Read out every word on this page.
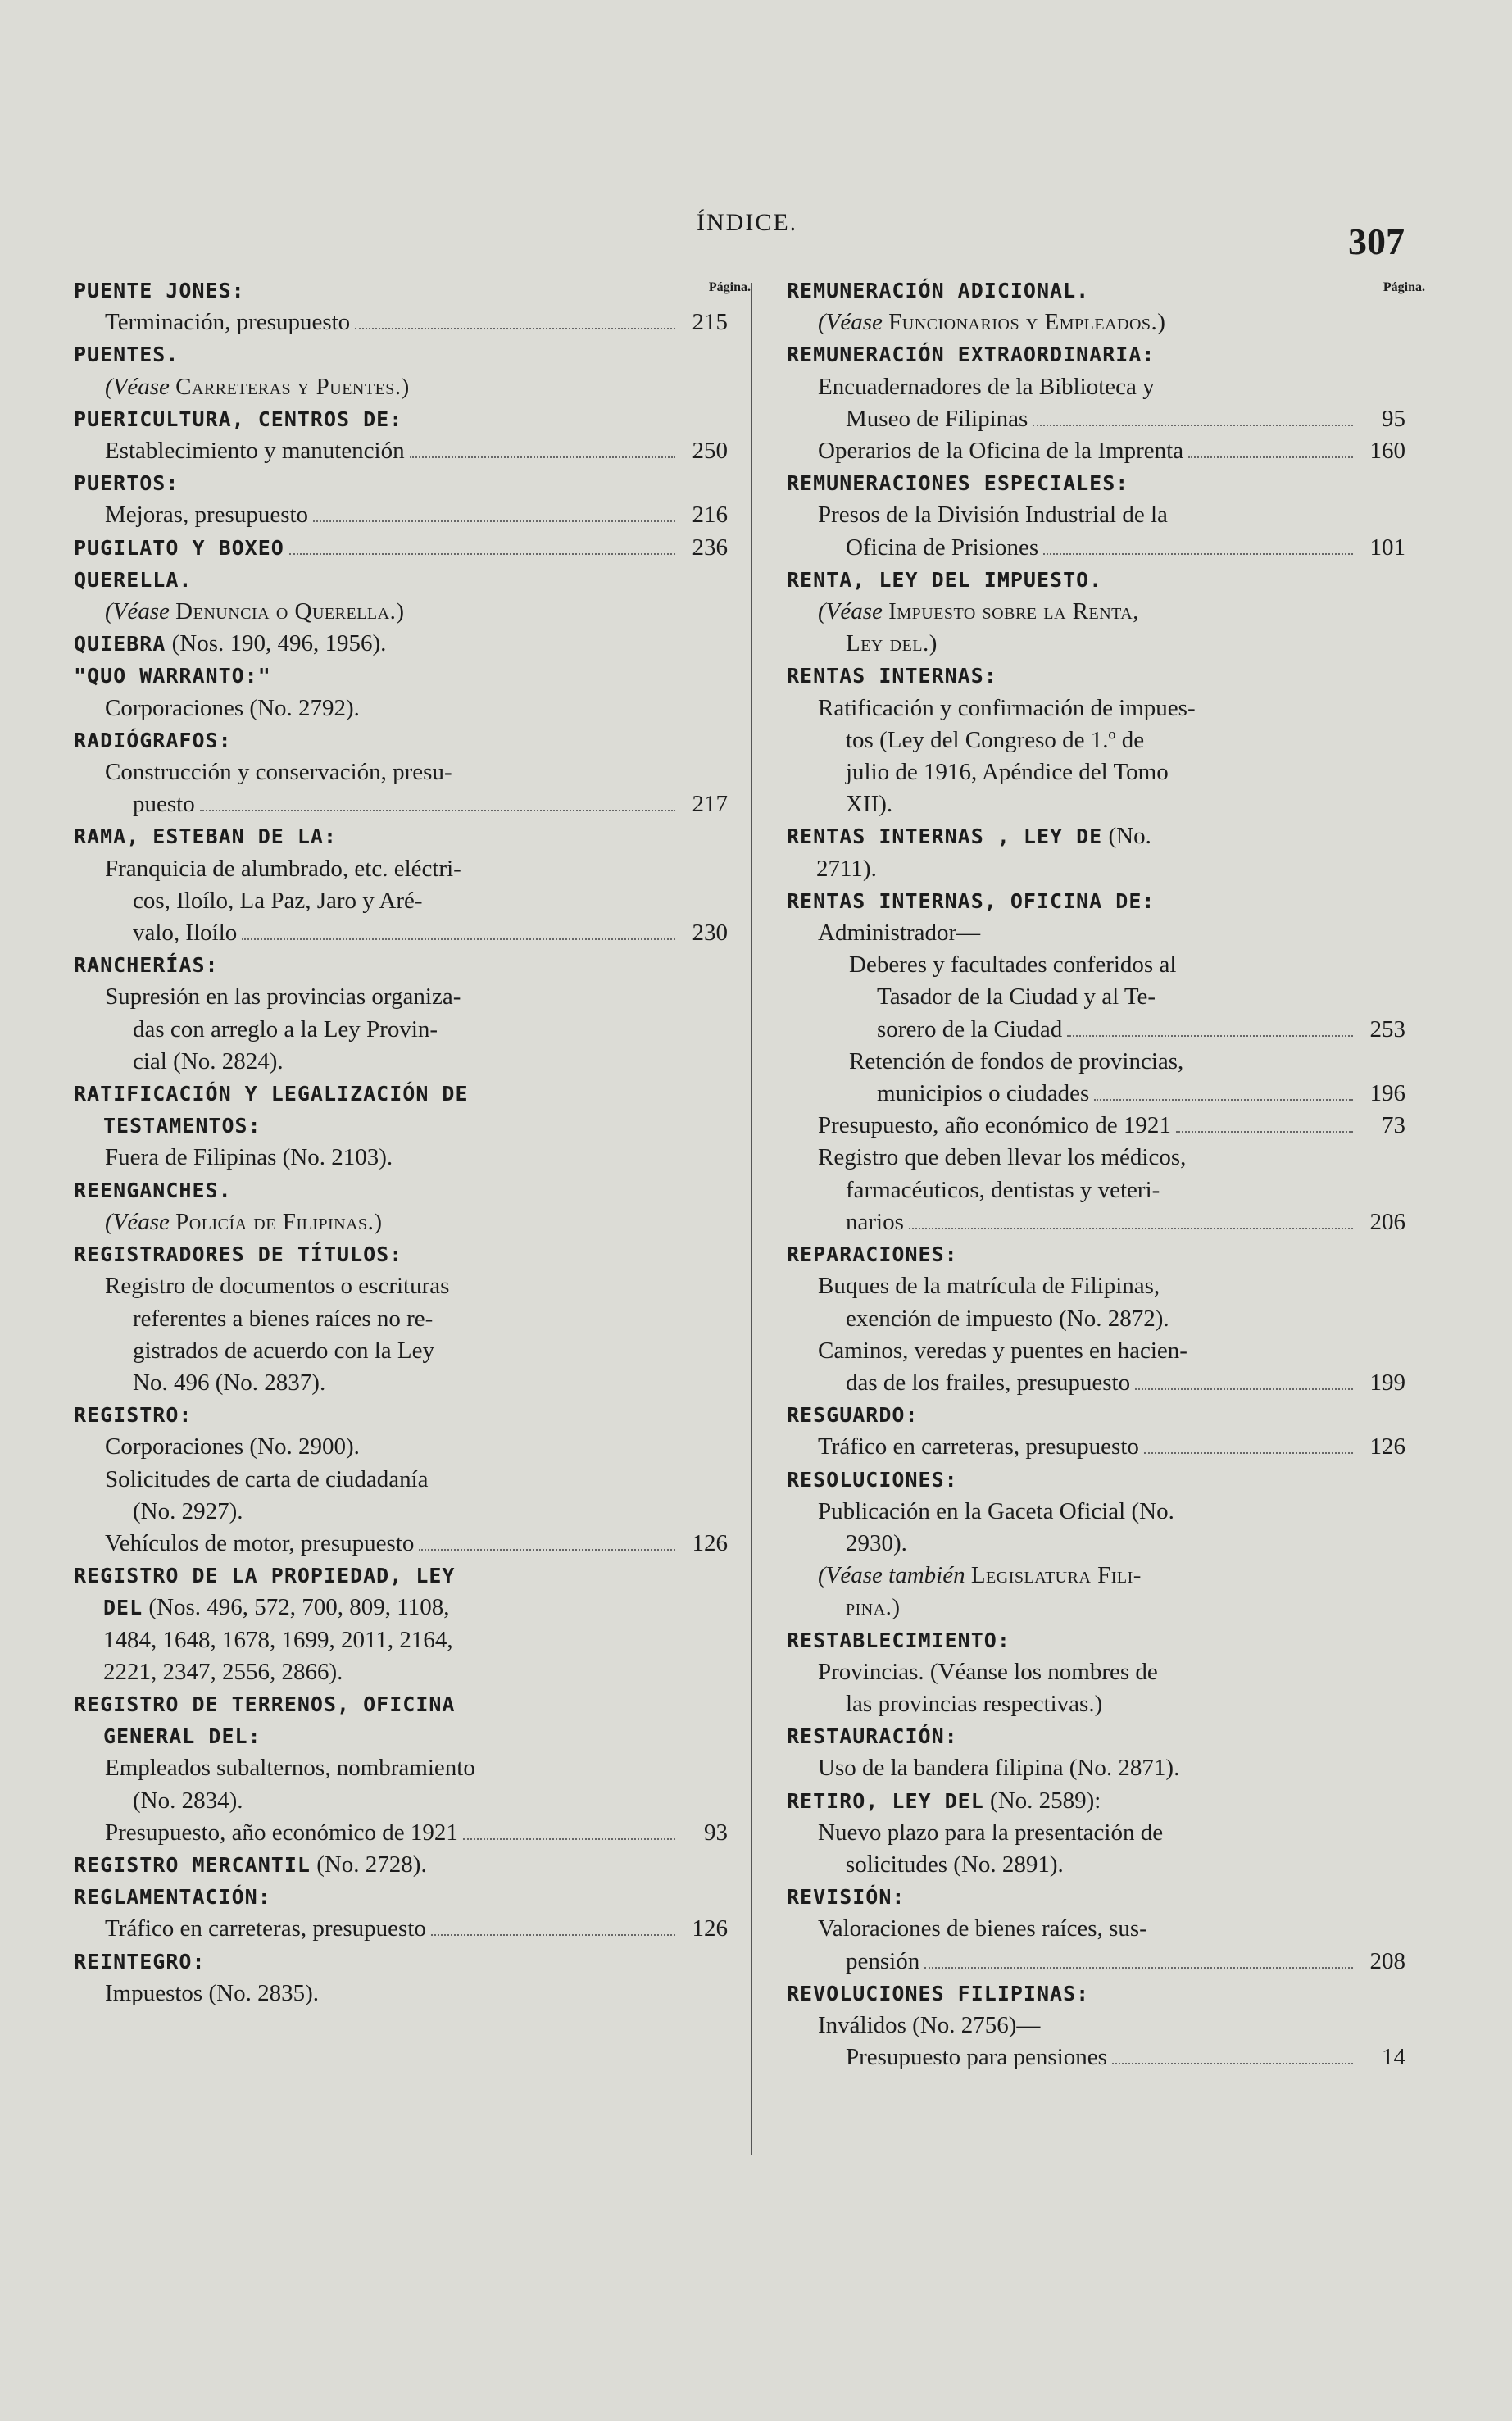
ÍNDICE.	307
Página.
PUENTE JONES:
Terminación, presupuesto	215
PUENTES.
(Véase Carreteras y Puentes.)
PUERICULTURA, CENTROS DE:
Establecimiento y manutención	250
PUERTOS:
Mejoras, presupuesto	216
PUGILATO Y BOXEO	236
QUERELLA.
(Véase Denuncia o Querella.)
QUIEBRA (Nos. 190, 496, 1956).
"QUO WARRANTO:"
Corporaciones (No. 2792).
RADIÓGRAFOS:
Construcción y conservación, presu-
puesto	217
RAMA, ESTEBAN DE LA:
Franquicia de alumbrado, etc. eléctri-
cos, Iloílo, La Paz, Jaro y Aré-
valo, Iloílo	230
RANCHERÍAS:
Supresión en las provincias organiza-
das con arreglo a la Ley Provin-
cial (No. 2824).
RATIFICACIÓN Y LEGALIZACIÓN DE
TESTAMENTOS:
Fuera de Filipinas (No. 2103).
REENGANCHES.
(Véase Policía de Filipinas.)
REGISTRADORES DE TÍTULOS:
Registro de documentos o escrituras
referentes a bienes raíces no re-
gistrados de acuerdo con la Ley
No. 496 (No. 2837).
REGISTRO:
Corporaciones (No. 2900).
Solicitudes de carta de ciudadanía
(No. 2927).
Vehículos de motor, presupuesto	126
REGISTRO DE LA PROPIEDAD, LEY
DEL (Nos. 496, 572, 700, 809, 1108,
1484, 1648, 1678, 1699, 2011, 2164,
2221, 2347, 2556, 2866).
REGISTRO DE TERRENOS, OFICINA
GENERAL DEL:
Empleados subalternos, nombramiento
(No. 2834).
Presupuesto, año económico de 1921	93
REGISTRO MERCANTIL (No. 2728).
REGLAMENTACIÓN:
Tráfico en carreteras, presupuesto	126
REINTEGRO:
Impuestos (No. 2835).
Página.
REMUNERACIÓN ADICIONAL.
(Véase Funcionarios y Empleados.)
REMUNERACIÓN EXTRAORDINARIA:
Encuadernadores de la Biblioteca y
Museo de Filipinas	95
Operarios de la Oficina de la Imprenta	160
REMUNERACIONES ESPECIALES:
Presos de la División Industrial de la
Oficina de Prisiones	101
RENTA, LEY DEL IMPUESTO.
(Véase Impuesto sobre la Renta,
Ley del.)
RENTAS INTERNAS:
Ratificación y confirmación de impues-
tos (Ley del Congreso de 1.º de
julio de 1916, Apéndice del Tomo
XII).
RENTAS INTERNAS , LEY DE (No.
2711).
RENTAS INTERNAS, OFICINA DE:
Administrador—
Deberes y facultades conferidos al
Tasador de la Ciudad y al Te-
sorero de la Ciudad	253
Retención de fondos de provincias,
municipios o ciudades	196
Presupuesto, año económico de 1921	73
Registro que deben llevar los médicos,
farmacéuticos, dentistas y veteri-
narios	206
REPARACIONES:
Buques de la matrícula de Filipinas,
exención de impuesto (No. 2872).
Caminos, veredas y puentes en hacien-
das de los frailes, presupuesto	199
RESGUARDO:
Tráfico en carreteras, presupuesto	126
RESOLUCIONES:
Publicación en la Gaceta Oficial (No.
2930).
(Véase también Legislatura Fili-
pina.)
RESTABLECIMIENTO:
Provincias. (Véanse los nombres de
las provincias respectivas.)
RESTAURACIÓN:
Uso de la bandera filipina (No. 2871).
RETIRO, LEY DEL (No. 2589):
Nuevo plazo para la presentación de
solicitudes (No. 2891).
REVISIÓN:
Valoraciones de bienes raíces, sus-
pensión	208
REVOLUCIONES FILIPINAS:
Inválidos (No. 2756)—
Presupuesto para pensiones	14
